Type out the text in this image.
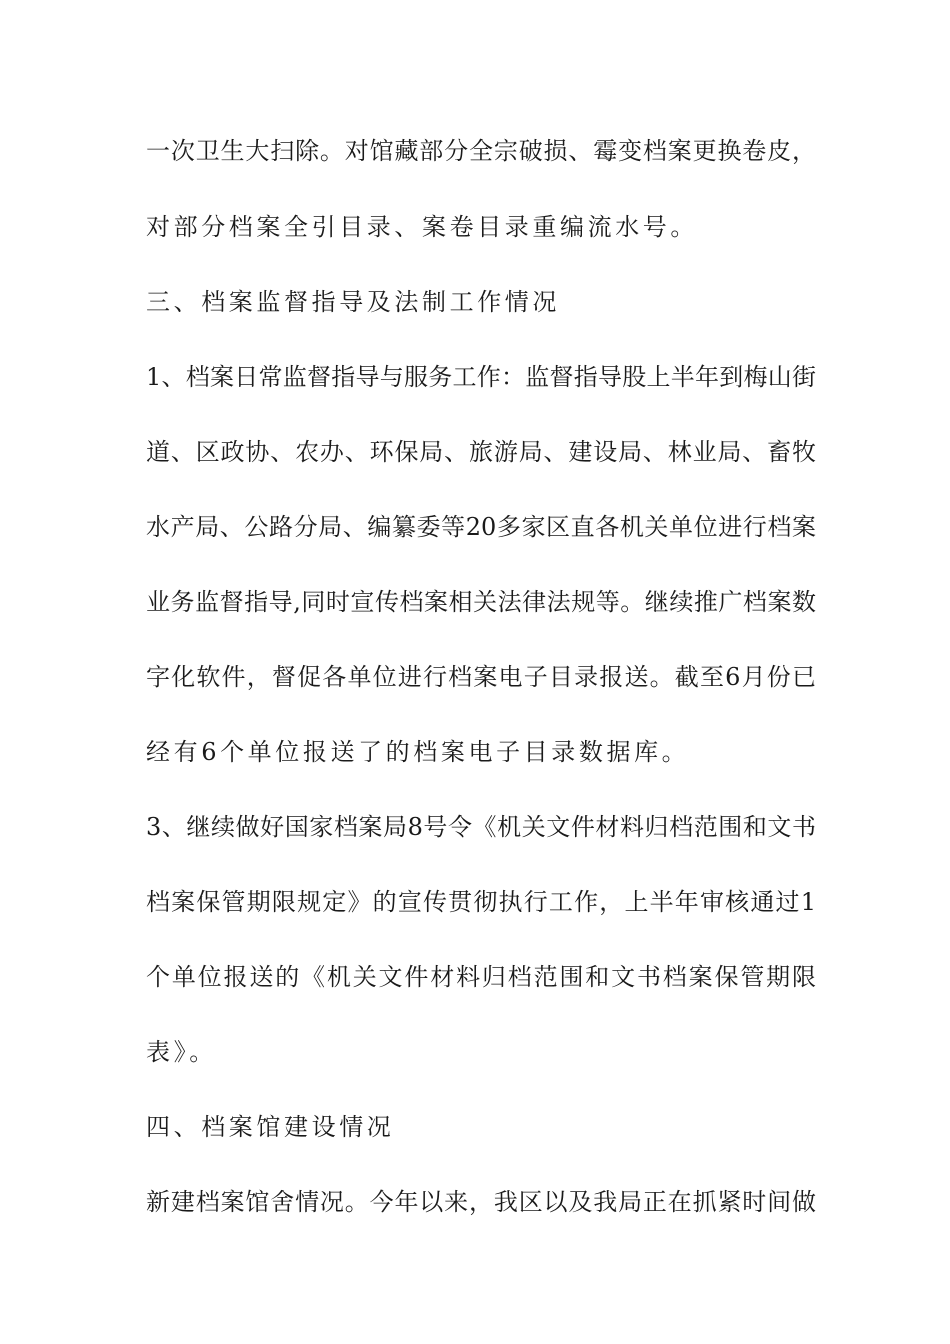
一次卫生大扫除。对馆藏部分全宗破损、霉变档案更换卷皮，
对部分档案全引目录、案卷目录重编流水号。
三、档案监督指导及法制工作情况
1、档案日常监督指导与服务工作：监督指导股上半年到梅山街
道、区政协、农办、环保局、旅游局、建设局、林业局、畜牧
水产局、公路分局、编纂委等20多家区直各机关单位进行档案
业务监督指导,同时宣传档案相关法律法规等。继续推广档案数
字化软件，督促各单位进行档案电子目录报送。截至6月份已
经有6个单位报送了的档案电子目录数据库。
3、继续做好国家档案局8号令《机关文件材料归档范围和文书
档案保管期限规定》的宣传贯彻执行工作，上半年审核通过1
个单位报送的《机关文件材料归档范围和文书档案保管期限
表》。
四、档案馆建设情况
新建档案馆舍情况。今年以来，我区以及我局正在抓紧时间做
